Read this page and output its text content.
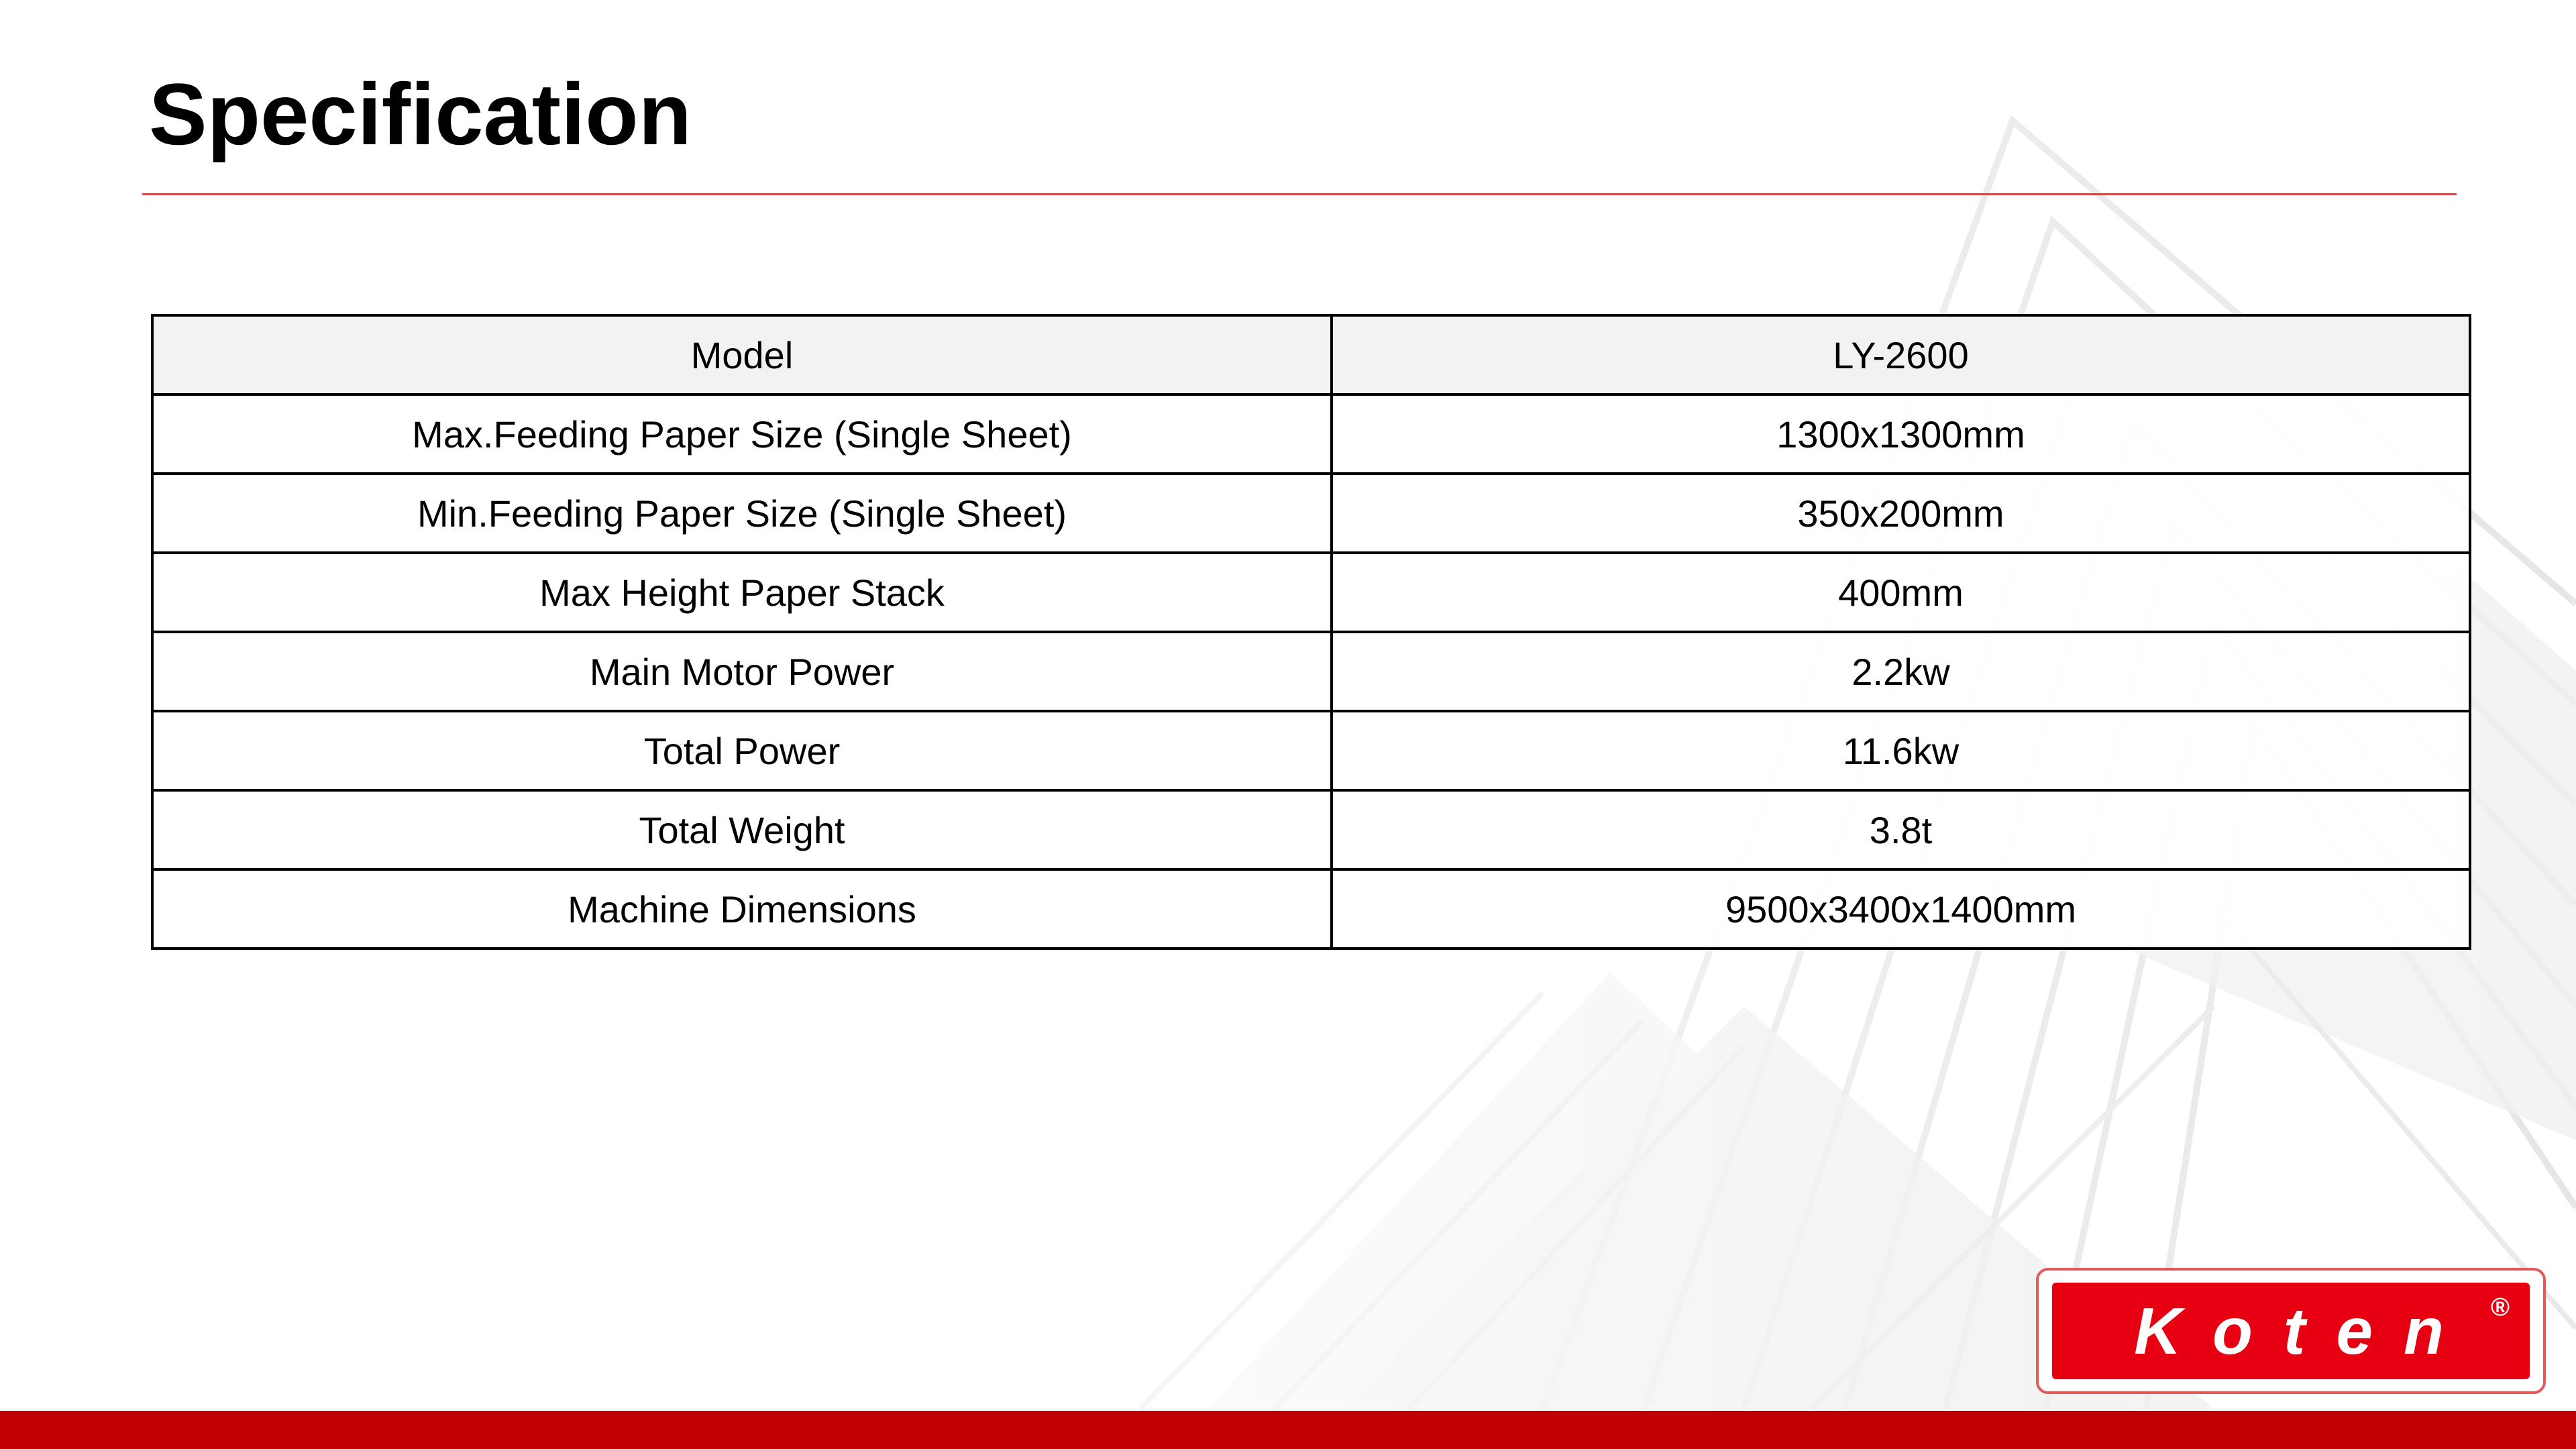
Specification
Model	LY-2600
Max.Feeding Paper Size (Single Sheet)	1300x1300mm
Min.Feeding Paper Size (Single Sheet)	350x200mm
Max Height Paper Stack	400mm
Main Motor Power	2.2kw
Total Power	11.6kw
Total Weight	3.8t
Machine Dimensions	9500x3400x1400mm
Koten ®
